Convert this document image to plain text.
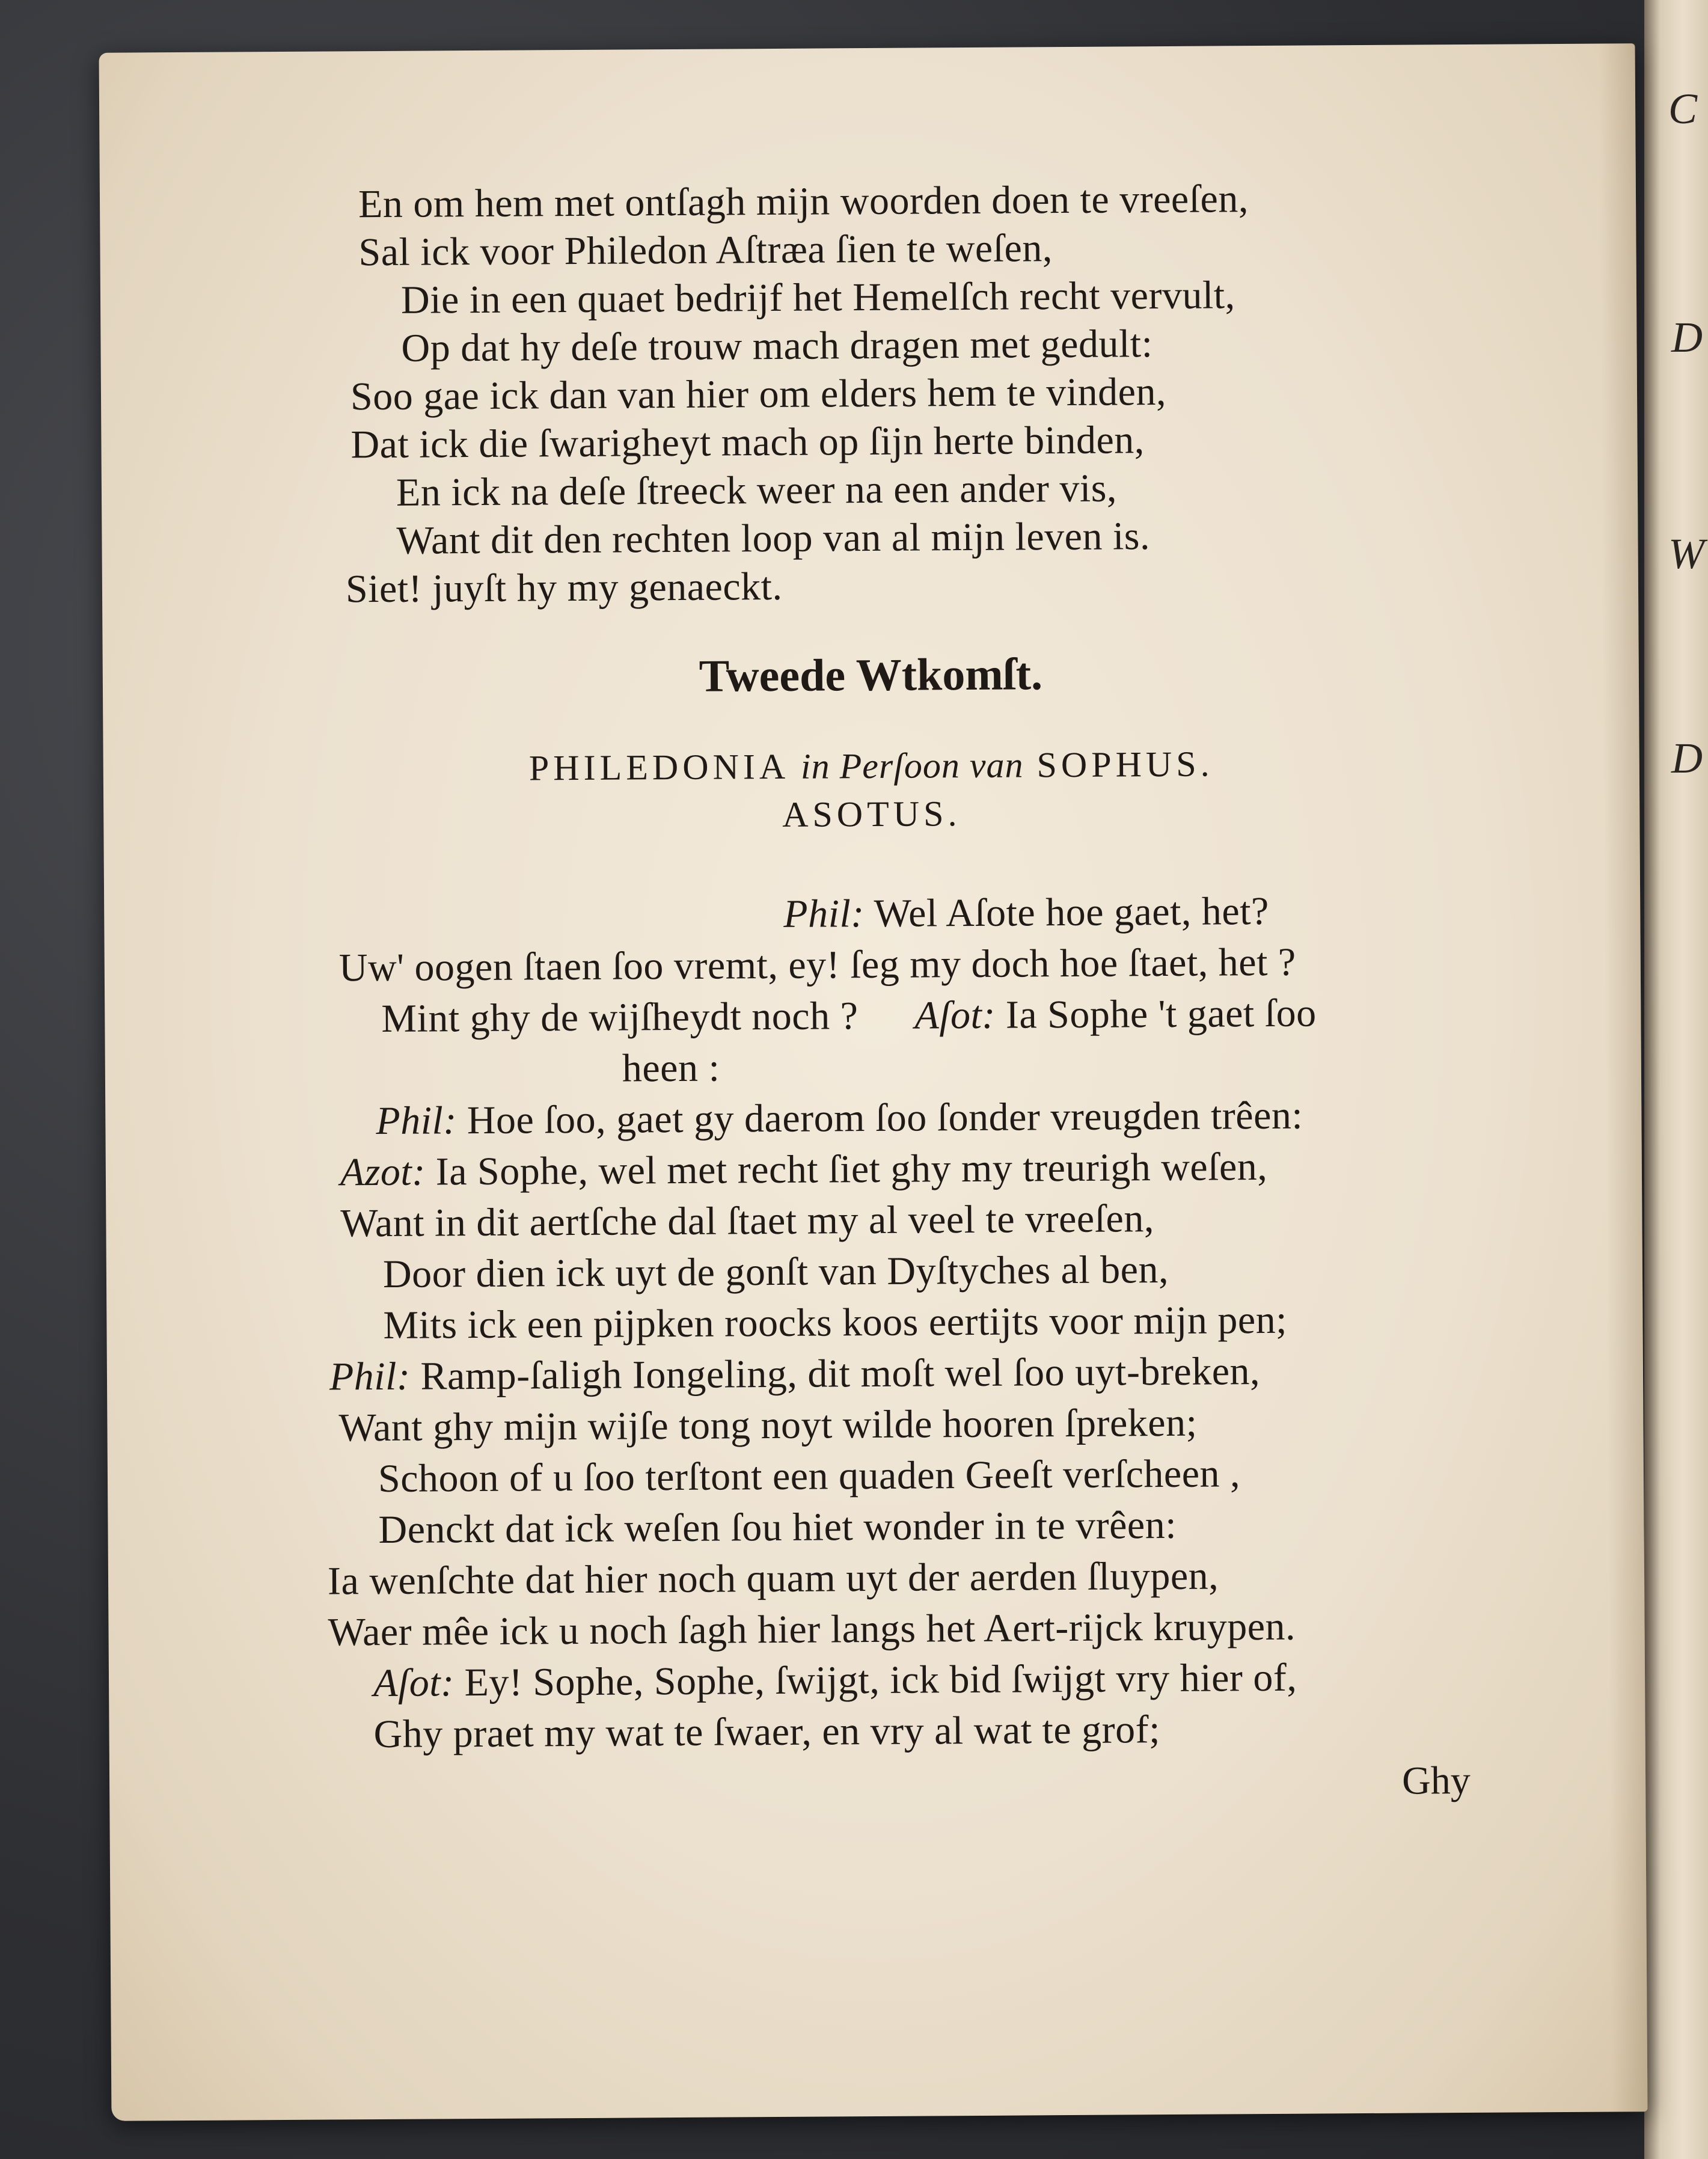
C
D
W
D
En om hem met ontſagh mijn woorden doen te vreeſen,
Sal ick voor Philedon Aſtræa ſien te weſen,
Die in een quaet bedrijf het Hemelſch recht vervult,
Op dat hy deſe trouw mach dragen met gedult:
Soo gae ick dan van hier om elders hem te vinden,
Dat ick die ſwarigheyt mach op ſijn herte binden,
En ick na deſe ſtreeck weer na een ander vis,
Want dit den rechten loop van al mijn leven is.
Siet! juyſt hy my genaeckt.
Tweede Wtkomſt.
PHILEDONIA in Perſoon van SOPHUS.
ASOTUS.
Phil: Wel Aſote hoe gaet, het?
Uw' oogen ſtaen ſoo vremt, ey! ſeg my doch hoe ſtaet, het ?
Mint ghy de wijſheydt noch ? Aſot: Ia Sophe 't gaet ſoo
heen :
Phil: Hoe ſoo, gaet gy daerom ſoo ſonder vreugden trêen:
Azot: Ia Sophe, wel met recht ſiet ghy my treurigh weſen,
Want in dit aertſche dal ſtaet my al veel te vreeſen,
Door dien ick uyt de gonſt van Dyſtyches al ben,
Mits ick een pijpken roocks koos eertijts voor mijn pen;
Phil: Ramp-ſaligh Iongeling, dit moſt wel ſoo uyt-breken,
Want ghy mijn wijſe tong noyt wilde hooren ſpreken;
Schoon of u ſoo terſtont een quaden Geeſt verſcheen ,
Denckt dat ick weſen ſou hiet wonder in te vrêen:
Ia wenſchte dat hier noch quam uyt der aerden ſluypen,
Waer mêe ick u noch ſagh hier langs het Aert-rijck kruypen.
Aſot: Ey! Sophe, Sophe, ſwijgt, ick bid ſwijgt vry hier of,
Ghy praet my wat te ſwaer, en vry al wat te grof;
Ghy
